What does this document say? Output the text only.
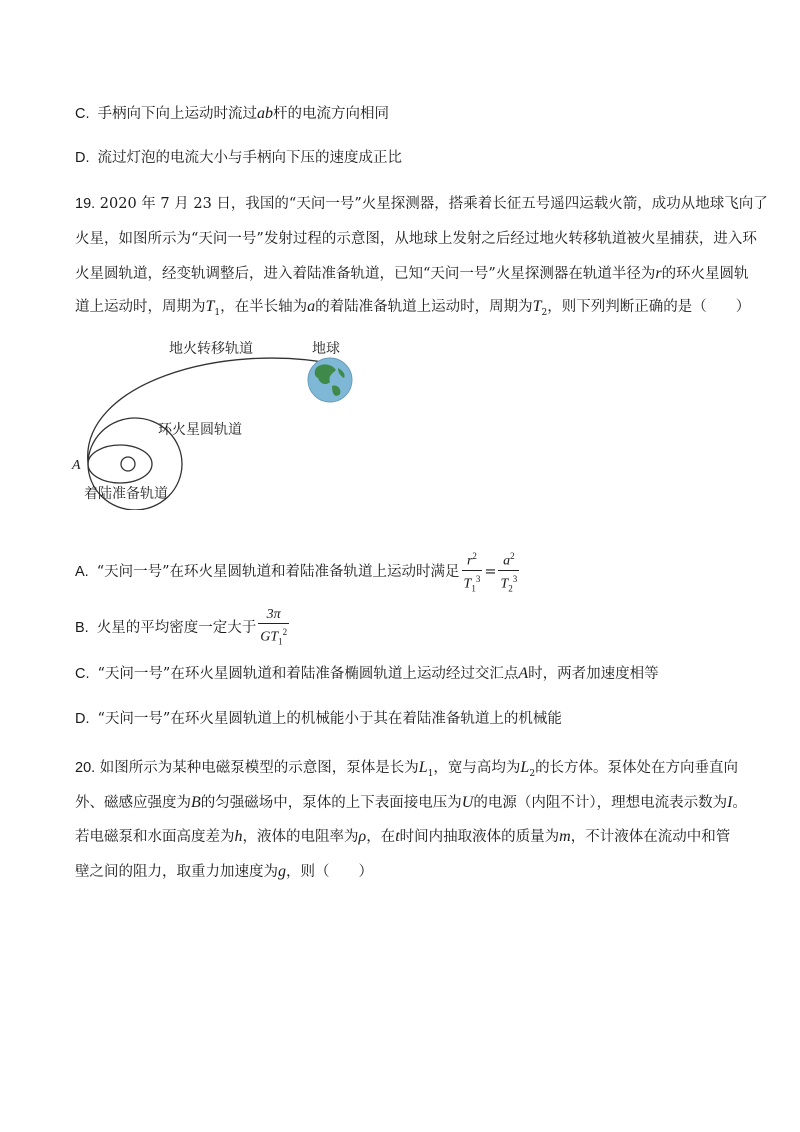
C. 手柄向下向上运动时流过ab杆的电流方向相同
D. 流过灯泡的电流大小与手柄向下压的速度成正比
19. 2020 年 7 月 23 日，我国的“天问一号”火星探测器，搭乘着长征五号遥四运载火箭，成功从地球飞向了
火星，如图所示为“天问一号”发射过程的示意图，从地球上发射之后经过地火转移轨道被火星捕获，进入环
火星圆轨道，经变轨调整后，进入着陆准备轨道，已知“天问一号”火星探测器在轨道半径为r的环火星圆轨
道上运动时，周期为$T_1$，在半长轴为a的着陆准备轨道上运动时，周期为$T_2$，则下列判断正确的是（　　）
地火转移轨道	地球
环火星圆轨道
着陆准备轨道
A
A. “天问一号”在环火星圆轨道和着陆准备轨道上运动时满足 $\frac{r^2}{T_1^3} = \frac{a^2}{T_2^3}$
B. 火星的平均密度一定大于 $\frac{3\pi}{GT_1^2}$
C. “天问一号”在环火星圆轨道和着陆准备椭圆轨道上运动经过交汇点A时，两者加速度相等
D. “天问一号”在环火星圆轨道上的机械能小于其在着陆准备轨道上的机械能
20. 如图所示为某种电磁泵模型的示意图，泵体是长为$L_1$，宽与高均为$L_2$的长方体。泵体处在方向垂直向
外、磁感应强度为B的匀强磁场中，泵体的上下表面接电压为U的电源（内阻不计），理想电流表示数为I。
若电磁泵和水面高度差为h，液体的电阻率为ρ，在t时间内抽取液体的质量为m，不计液体在流动中和管
壁之间的阻力，取重力加速度为g，则（　　）
